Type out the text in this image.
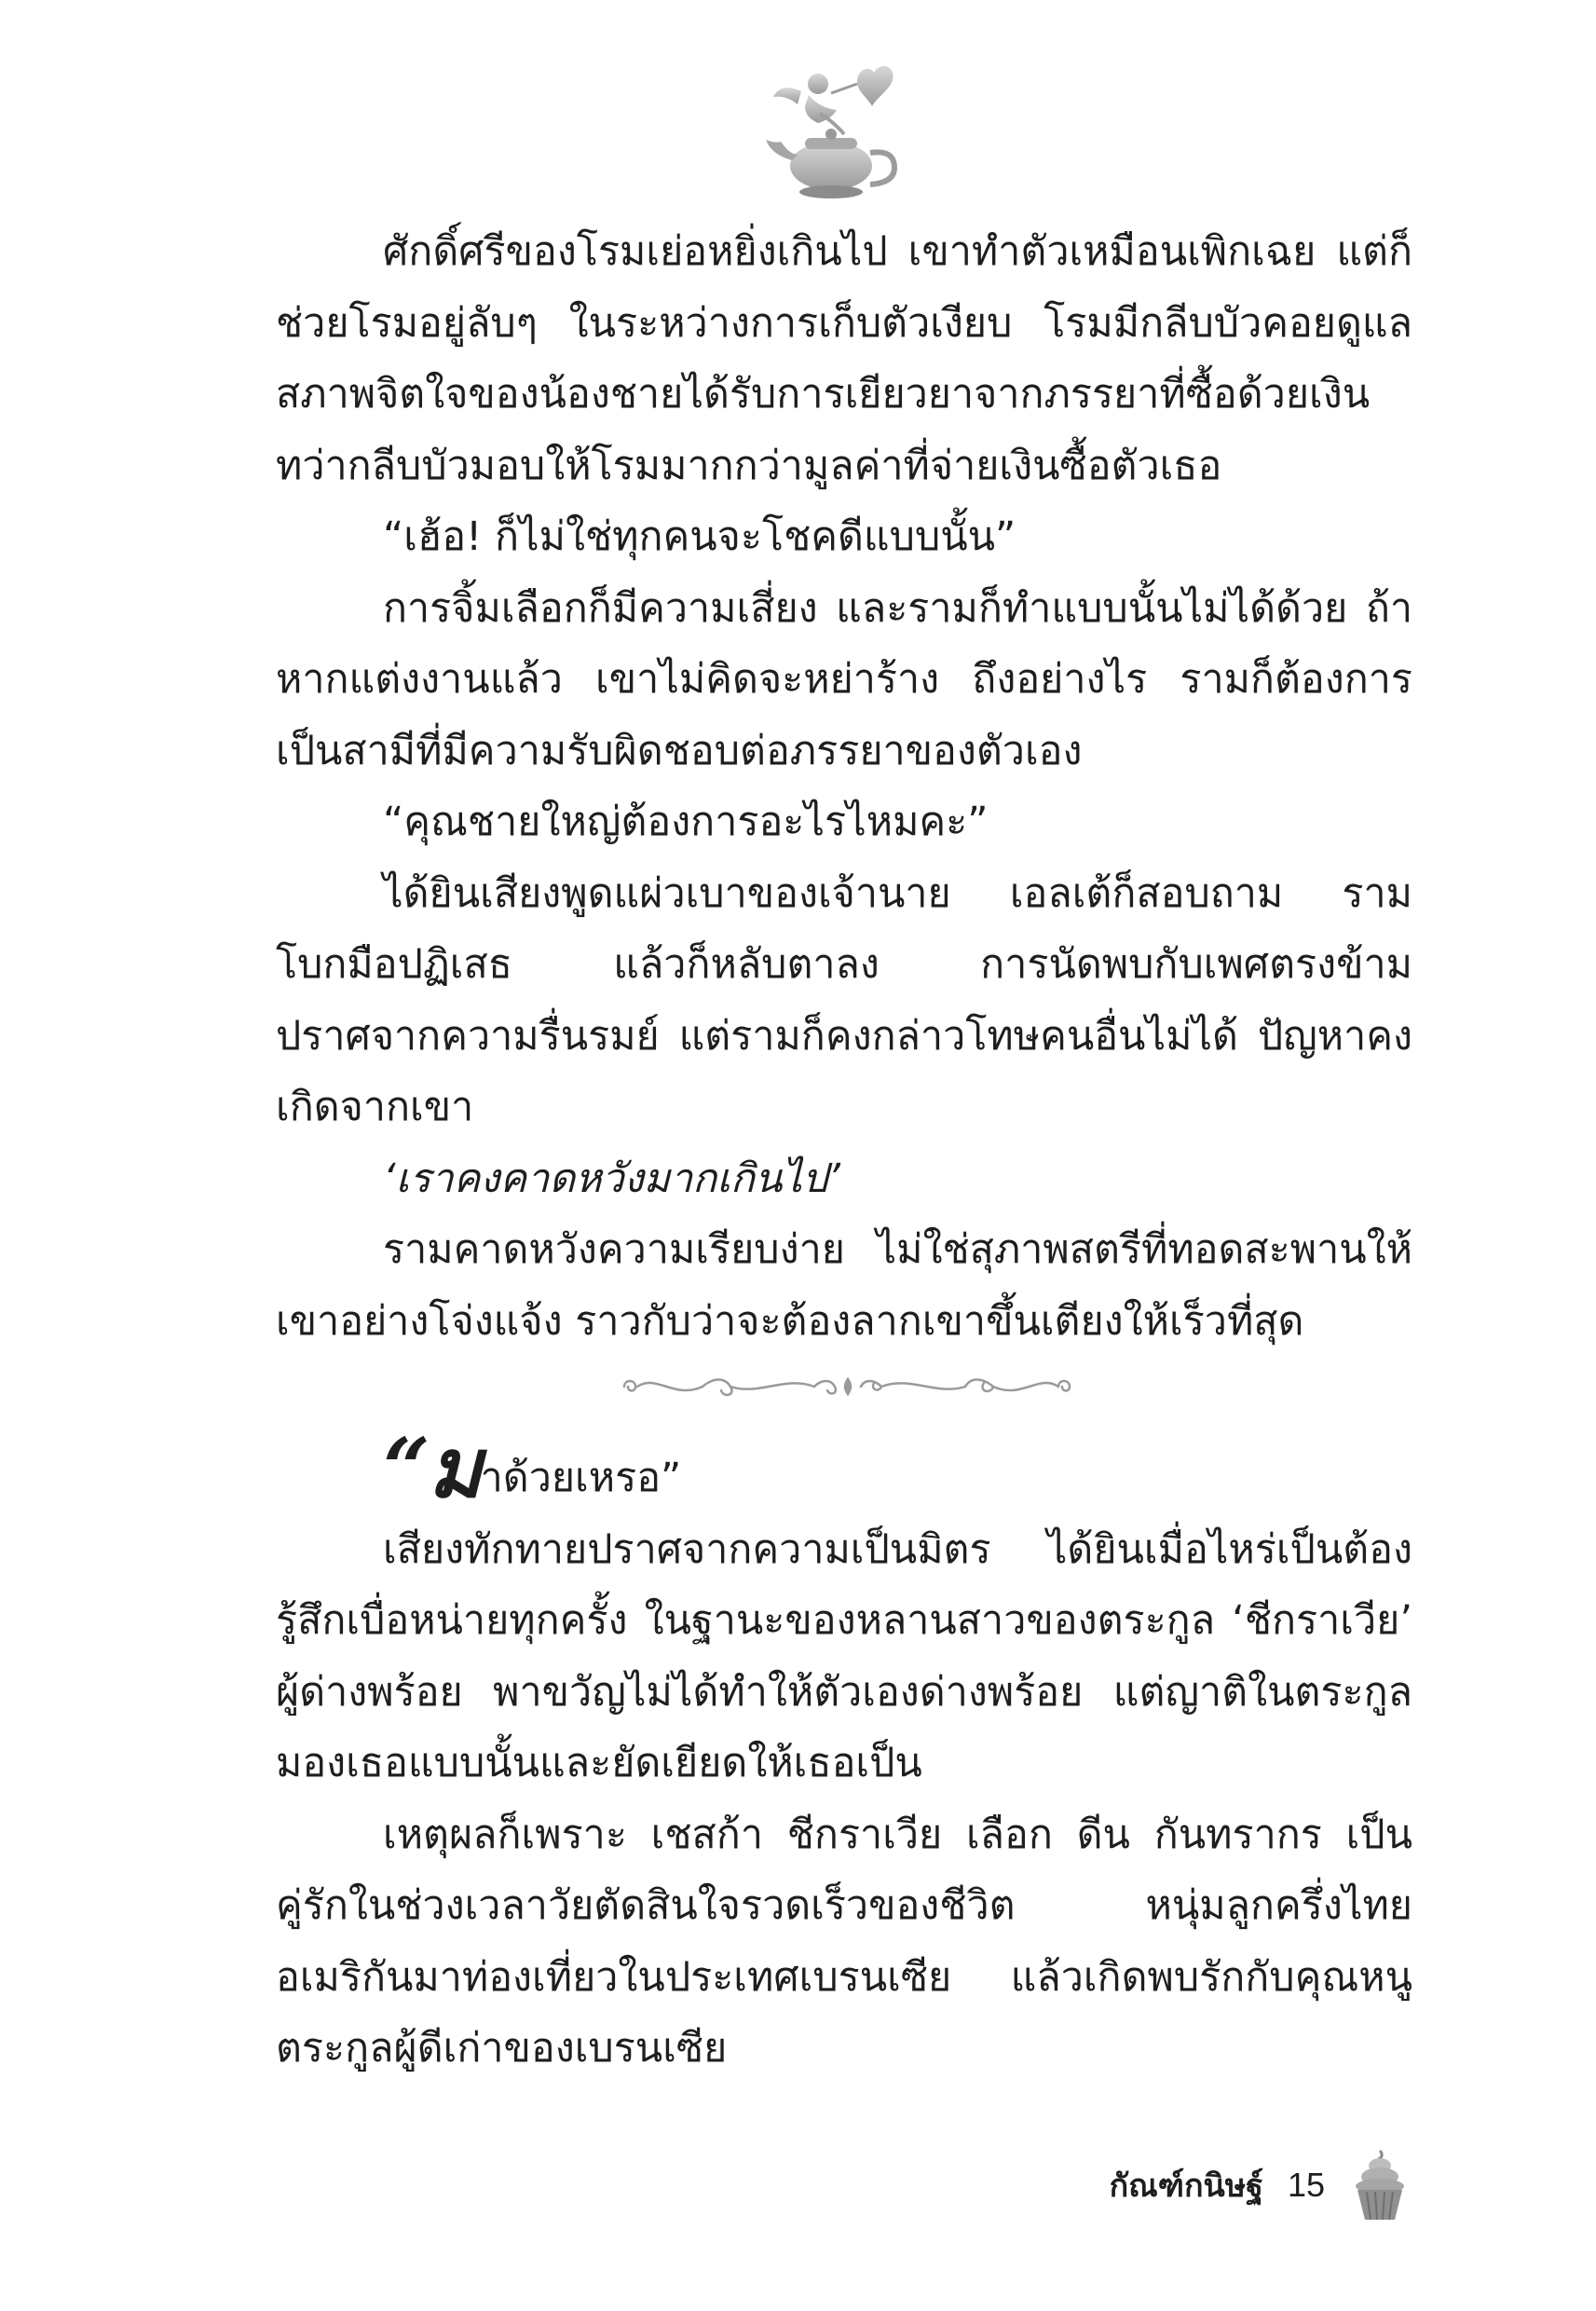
ศักดิ์ศรีของโรมเย่อหยิ่งเกินไป เขาทำตัวเหมือนเพิกเฉย แต่ก็ช่วยโรมอยู่ลับๆ ในระหว่างการเก็บตัวเงียบ โรมมีกลีบบัวคอยดูแลสภาพจิตใจของน้องชายได้รับการเยียวยาจากภรรยาที่ซื้อด้วยเงิน ทว่ากลีบบัวมอบให้โรมมากกว่ามูลค่าที่จ่ายเงินซื้อตัวเธอ

“เฮ้อ! ก็ไม่ใช่ทุกคนจะโชคดีแบบนั้น”

การจิ้มเลือกก็มีความเสี่ยง และรามก็ทำแบบนั้นไม่ได้ด้วย ถ้าหากแต่งงานแล้ว เขาไม่คิดจะหย่าร้าง ถึงอย่างไร รามก็ต้องการเป็นสามีที่มีความรับผิดชอบต่อภรรยาของตัวเอง

“คุณชายใหญ่ต้องการอะไรไหมคะ”

ได้ยินเสียงพูดแผ่วเบาของเจ้านาย เอลเต้ก็สอบถาม รามโบกมือปฏิเสธ แล้วก็หลับตาลง การนัดพบกับเพศตรงข้าม ปราศจากความรื่นรมย์ แต่รามก็คงกล่าวโทษคนอื่นไม่ได้ ปัญหาคงเกิดจากเขา

‘เราคงคาดหวังมากเกินไป’

รามคาดหวังความเรียบง่าย ไม่ใช่สุภาพสตรีที่ทอดสะพานให้เขาอย่างโจ่งแจ้ง ราวกับว่าจะต้องลากเขาขึ้นเตียงให้เร็วที่สุด

“มาด้วยเหรอ”

เสียงทักทายปราศจากความเป็นมิตร ได้ยินเมื่อไหร่เป็นต้องรู้สึกเบื่อหน่ายทุกครั้ง ในฐานะของหลานสาวของตระกูล ‘ชีกราเวีย’ ผู้ด่างพร้อย พาขวัญไม่ได้ทำให้ตัวเองด่างพร้อย แต่ญาติในตระกูลมองเธอแบบนั้นและยัดเยียดให้เธอเป็น

เหตุผลก็เพราะ เชสก้า ชีกราเวีย เลือก ดีน กันทรากร เป็นคู่รักในช่วงเวลาวัยตัดสินใจรวดเร็วของชีวิต หนุ่มลูกครึ่งไทยอเมริกันมาท่องเที่ยวในประเทศเบรนเซีย แล้วเกิดพบรักกับคุณหนูตระกูลผู้ดีเก่าของเบรนเซีย

กัณฑ์กนิษฐ์ 15
